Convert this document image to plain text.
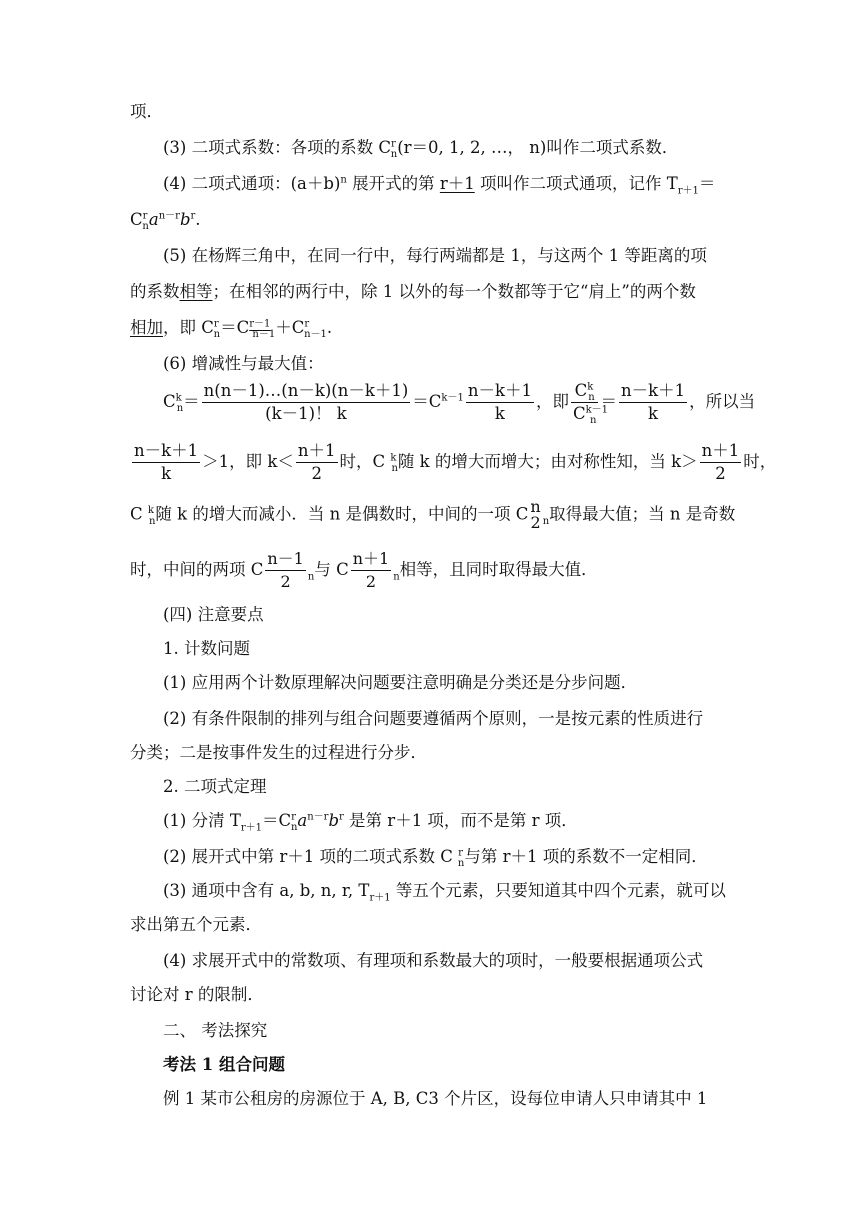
项．
(3) 二项式系数：各项的系数 $C^r_n(r=0$, 1, 2, …， n)叫作二项式系数．
(4) 二项式通项：$(a+b)^n$ 展开式的第 r＋1 项叫作二项式通项，记作 $T_{r+1}=$
$C^r_na^{n-r}b^r$.
(5) 在杨辉三角中，在同一行中，每行两端都是 1，与这两个 1 等距离的项
的系数相等；在相邻的两行中，除 1 以外的每一个数都等于它“肩上”的两个数
相加，即 $C^r_n=C^{r-1}_{n-1}+C^r_{n-1}$.
(6) 增减性与最大值：
$C^k_n= \frac{n(n-1)\dots(n-k)(n-k+1)}{(k-1)! k} =C^{k-1} \frac{n-k+1}{k}$ ，即 $\frac{C^k_n}{C^{k-1}_n} = \frac{n-k+1}{k}$ ，所以当
$\frac{n-k+1}{k} >1$，即 $k< \frac{n+1}{2}$ 时，C $^k_n$随 k 的增大而增大；由对称性知，当 $k> \frac{n+1}{2}$ 时，
C $^k_n$随 k 的增大而减小．当 n 是偶数时，中间的一项 C n
2 $_n$取得最大值；当 n 是奇数
时，中间的两项 C $\frac{n-1}{2} _n$与 C $\frac{n+1}{2} _n$相等，且同时取得最大值．
(四) 注意要点
1. 计数问题
(1) 应用两个计数原理解决问题要注意明确是分类还是分步问题．
(2) 有条件限制的排列与组合问题要遵循两个原则，一是按元素的性质进行
分类；二是按事件发生的过程进行分步．
2. 二项式定理
(1) 分清 $T_{r+1}=C^r_na^{n-r}b^r$ 是第 r＋1 项，而不是第 r 项．
(2) 展开式中第 r＋1 项的二项式系数 C $^r_n$与第 r＋1 项的系数不一定相同．
(3) 通项中含有 a, b, n, r, $T_{r+1}$ 等五个元素，只要知道其中四个元素，就可以
求出第五个元素．
(4) 求展开式中的常数项、有理项和系数最大的项时，一般要根据通项公式
讨论对 r 的限制．
二、 考法探究
考法 1 组合问题
例 1 某市公租房的房源位于 A, B, C3 个片区，设每位申请人只申请其中 1
